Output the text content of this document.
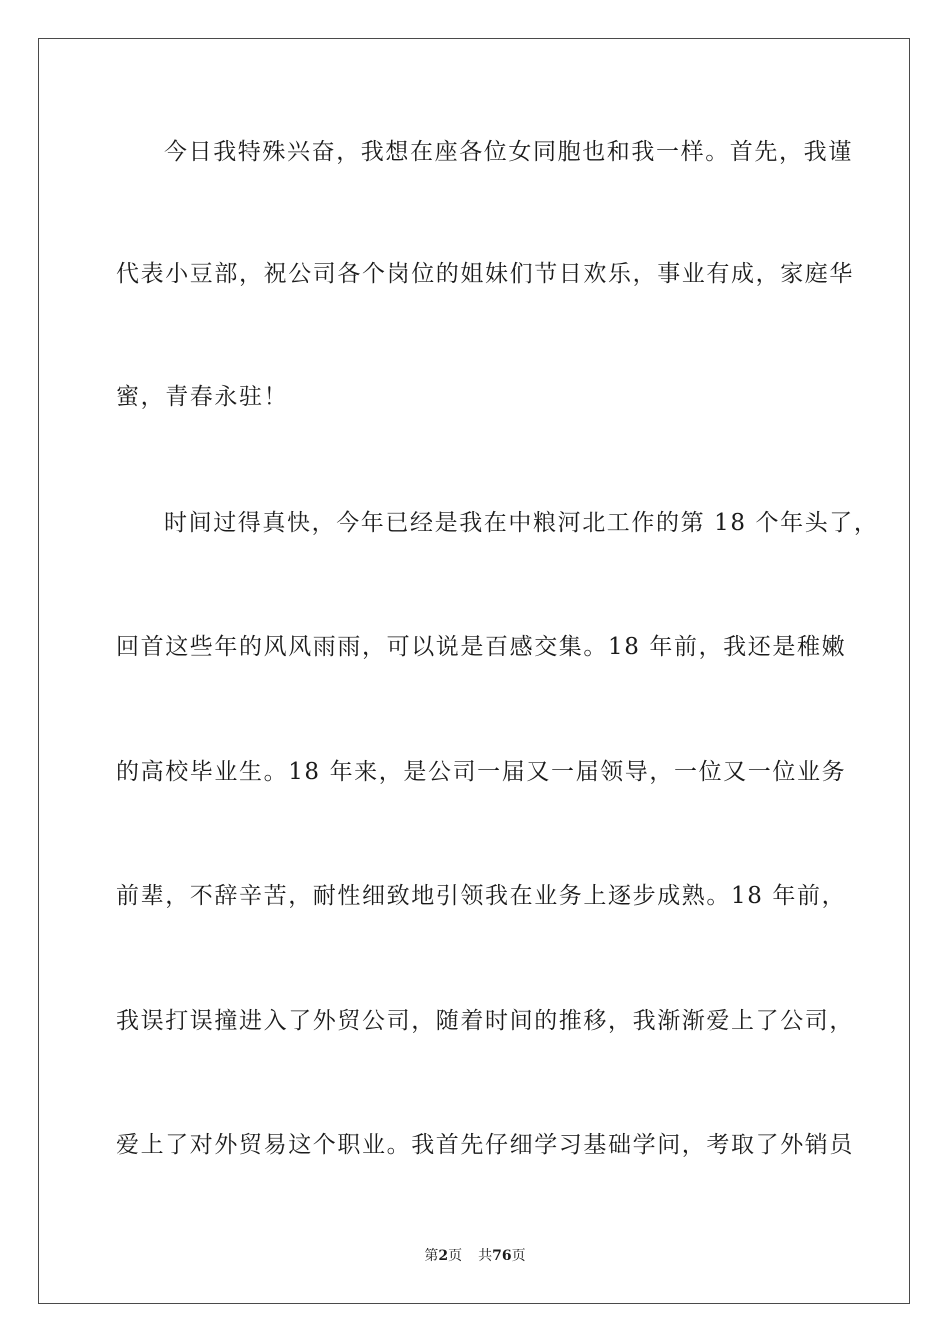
今日我特殊兴奋，我想在座各位女同胞也和我一样。首先，我谨
代表小豆部，祝公司各个岗位的姐妹们节日欢乐，事业有成，家庭华
蜜，青春永驻！
时间过得真快，今年已经是我在中粮河北工作的第 18 个年头了，
回首这些年的风风雨雨，可以说是百感交集。18 年前，我还是稚嫩
的高校毕业生。18 年来，是公司一届又一届领导，一位又一位业务
前辈，不辞辛苦，耐性细致地引领我在业务上逐步成熟。18 年前，
我误打误撞进入了外贸公司，随着时间的推移，我渐渐爱上了公司，
爱上了对外贸易这个职业。我首先仔细学习基础学问，考取了外销员
第2页 共76页
